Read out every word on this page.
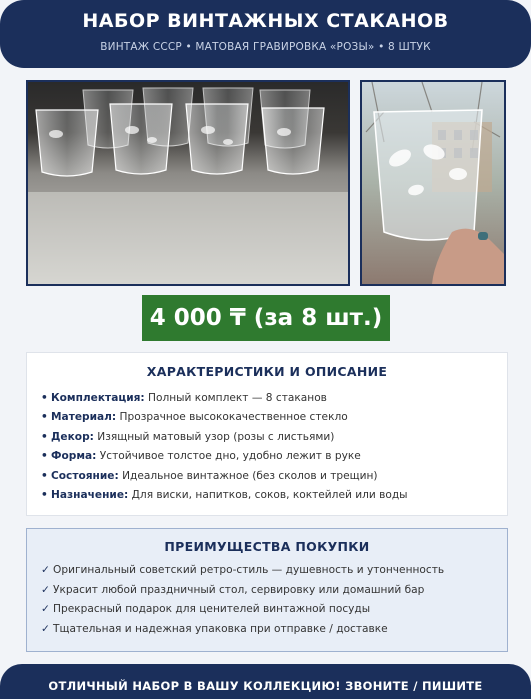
НАБОР ВИНТАЖНЫХ СТАКАНОВ
ВИНТАЖ СССР • МАТОВАЯ ГРАВИРОВКА «РОЗЫ» • 8 ШТУК
4 000 ₸ (за 8 шт.)
ХАРАКТЕРИСТИКИ И ОПИСАНИЕ
• Комплектация: Полный комплект — 8 стаканов
• Материал: Прозрачное высококачественное стекло
• Декор: Изящный матовый узор (розы с листьями)
• Форма: Устойчивое толстое дно, удобно лежит в руке
• Состояние: Идеальное винтажное (без сколов и трещин)
• Назначение: Для виски, напитков, соков, коктейлей или воды
ПРЕИМУЩЕСТВА ПОКУПКИ
✓ Оригинальный советский ретро-стиль — душевность и утонченность
✓ Украсит любой праздничный стол, сервировку или домашний бар
✓ Прекрасный подарок для ценителей винтажной посуды
✓ Тщательная и надежная упаковка при отправке / доставке
ОТЛИЧНЫЙ НАБОР В ВАШУ КОЛЛЕКЦИЮ! ЗВОНИТЕ / ПИШИТЕ
